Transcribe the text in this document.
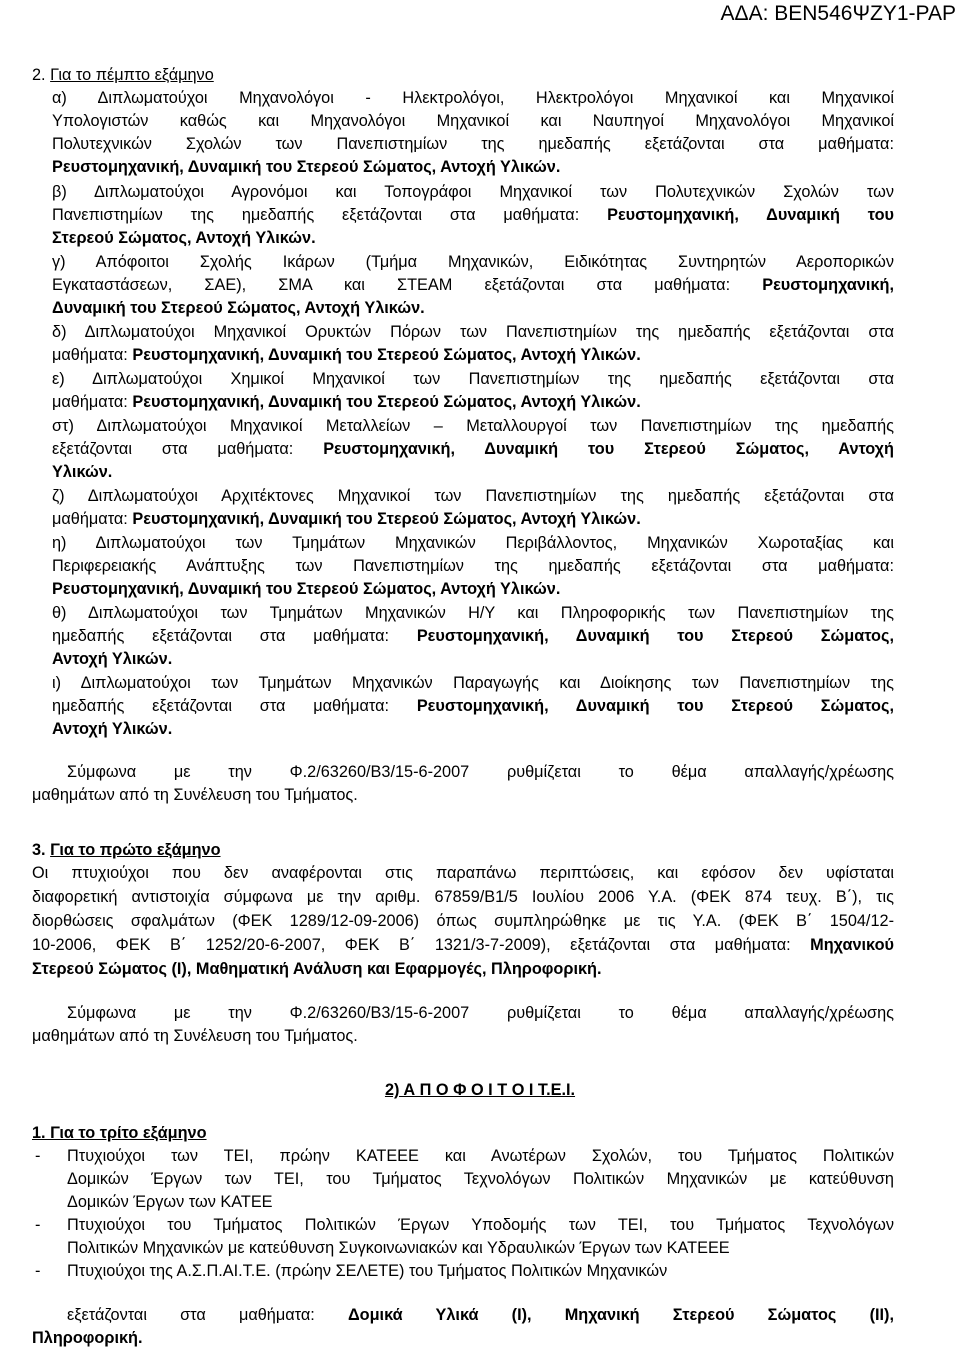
ΑΔΑ: ΒΕΝ546ΨΖΥ1-ΡΑΡ
2. Για το πέμπτο εξάμηνο
α) Διπλωματούχοι Μηχανολόγοι - Ηλεκτρολόγοι, Ηλεκτρολόγοι Μηχανικοί και Μηχανικοί
Υπολογιστών καθώς και Μηχανολόγοι Μηχανικοί και Ναυπηγοί Μηχανολόγοι Μηχανικοί
Πολυτεχνικών Σχολών των Πανεπιστημίων της ημεδαπής εξετάζονται στα μαθήματα:
Ρευστομηχανική, Δυναμική του Στερεού Σώματος, Αντοχή Υλικών.
β) Διπλωματούχοι Αγρονόμοι και Τοπογράφοι Μηχανικοί των Πολυτεχνικών Σχολών των
Πανεπιστημίων της ημεδαπής εξετάζονται στα μαθήματα: Ρευστομηχανική, Δυναμική του
Στερεού Σώματος, Αντοχή Υλικών.
γ) Απόφοιτοι Σχολής Ικάρων (Τμήμα Μηχανικών, Ειδικότητας Συντηρητών Αεροπορικών
Εγκαταστάσεων, ΣΑΕ), ΣΜΑ και ΣΤΕΑΜ εξετάζονται στα μαθήματα: Ρευστομηχανική,
Δυναμική του Στερεού Σώματος, Αντοχή Υλικών.
δ) Διπλωματούχοι Μηχανικοί Ορυκτών Πόρων των Πανεπιστημίων της ημεδαπής εξετάζονται στα
μαθήματα: Ρευστομηχανική, Δυναμική του Στερεού Σώματος, Αντοχή Υλικών.
ε) Διπλωματούχοι Χημικοί Μηχανικοί των Πανεπιστημίων της ημεδαπής εξετάζονται στα
μαθήματα: Ρευστομηχανική, Δυναμική του Στερεού Σώματος, Αντοχή Υλικών.
στ) Διπλωματούχοι Μηχανικοί Μεταλλείων – Μεταλλουργοί των Πανεπιστημίων της ημεδαπής
εξετάζονται στα μαθήματα: Ρευστομηχανική, Δυναμική του Στερεού Σώματος, Αντοχή
Υλικών.
ζ) Διπλωματούχοι Αρχιτέκτονες Μηχανικοί των Πανεπιστημίων της ημεδαπής εξετάζονται στα
μαθήματα: Ρευστομηχανική, Δυναμική του Στερεού Σώματος, Αντοχή Υλικών.
η) Διπλωματούχοι των Τμημάτων Μηχανικών Περιβάλλοντος, Μηχανικών Χωροταξίας και
Περιφερειακής Ανάπτυξης των Πανεπιστημίων της ημεδαπής εξετάζονται στα μαθήματα:
Ρευστομηχανική, Δυναμική του Στερεού Σώματος, Αντοχή Υλικών.
θ) Διπλωματούχοι των Τμημάτων Μηχανικών Η/Υ και Πληροφορικής των Πανεπιστημίων της
ημεδαπής εξετάζονται στα μαθήματα: Ρευστομηχανική, Δυναμική του Στερεού Σώματος,
Αντοχή Υλικών.
ι) Διπλωματούχοι των Τμημάτων Μηχανικών Παραγωγής και Διοίκησης των Πανεπιστημίων της
ημεδαπής εξετάζονται στα μαθήματα: Ρευστομηχανική, Δυναμική του Στερεού Σώματος,
Αντοχή Υλικών.
Σύμφωνα με την Φ.2/63260/Β3/15-6-2007 ρυθμίζεται το θέμα απαλλαγής/χρέωσης
μαθημάτων από τη Συνέλευση του Τμήματος.
3. Για το πρώτο εξάμηνο
Οι πτυχιούχοι που δεν αναφέρονται στις παραπάνω περιπτώσεις, και εφόσον δεν υφίσταται
διαφορετική αντιστοιχία σύμφωνα με την αριθμ. 67859/Β1/5 Ιουλίου 2006 Υ.Α. (ΦΕΚ 874 τευχ. Β΄), τις
διορθώσεις σφαλμάτων (ΦΕΚ 1289/12-09-2006) όπως συμπληρώθηκε με τις Υ.Α. (ΦΕΚ Β΄ 1504/12-
10-2006, ΦΕΚ Β΄ 1252/20-6-2007, ΦΕΚ Β΄ 1321/3-7-2009), εξετάζονται στα μαθήματα: Μηχανικού
Στερεού Σώματος (Ι), Μαθηματική Ανάλυση και Εφαρμογές, Πληροφορική.
Σύμφωνα με την Φ.2/63260/Β3/15-6-2007 ρυθμίζεται το θέμα απαλλαγής/χρέωσης
μαθημάτων από τη Συνέλευση του Τμήματος.
2) Α Π Ο Φ Ο Ι Τ Ο Ι Τ.Ε.Ι.
1. Για το τρίτο εξάμηνο
- Πτυχιούχοι των ΤΕΙ, πρώην ΚΑΤΕΕΕ και Ανωτέρων Σχολών, του Τμήματος Πολιτικών
Δομικών Έργων των ΤΕΙ, του Τμήματος Τεχνολόγων Πολιτικών Μηχανικών με κατεύθυνση
Δομικών Έργων των ΚΑΤΕΕ
- Πτυχιούχοι του Τμήματος Πολιτικών Έργων Υποδομής των ΤΕΙ, του Τμήματος Τεχνολόγων
Πολιτικών Μηχανικών με κατεύθυνση Συγκοινωνιακών και Υδραυλικών Έργων των ΚΑΤΕΕΕ
- Πτυχιούχοι της Α.Σ.Π.ΑΙ.Τ.Ε. (πρώην ΣΕΛΕΤΕ) του Τμήματος Πολιτικών Μηχανικών
εξετάζονται στα μαθήματα: Δομικά Υλικά (Ι), Μηχανική Στερεού Σώματος (ΙΙ),
Πληροφορική.
